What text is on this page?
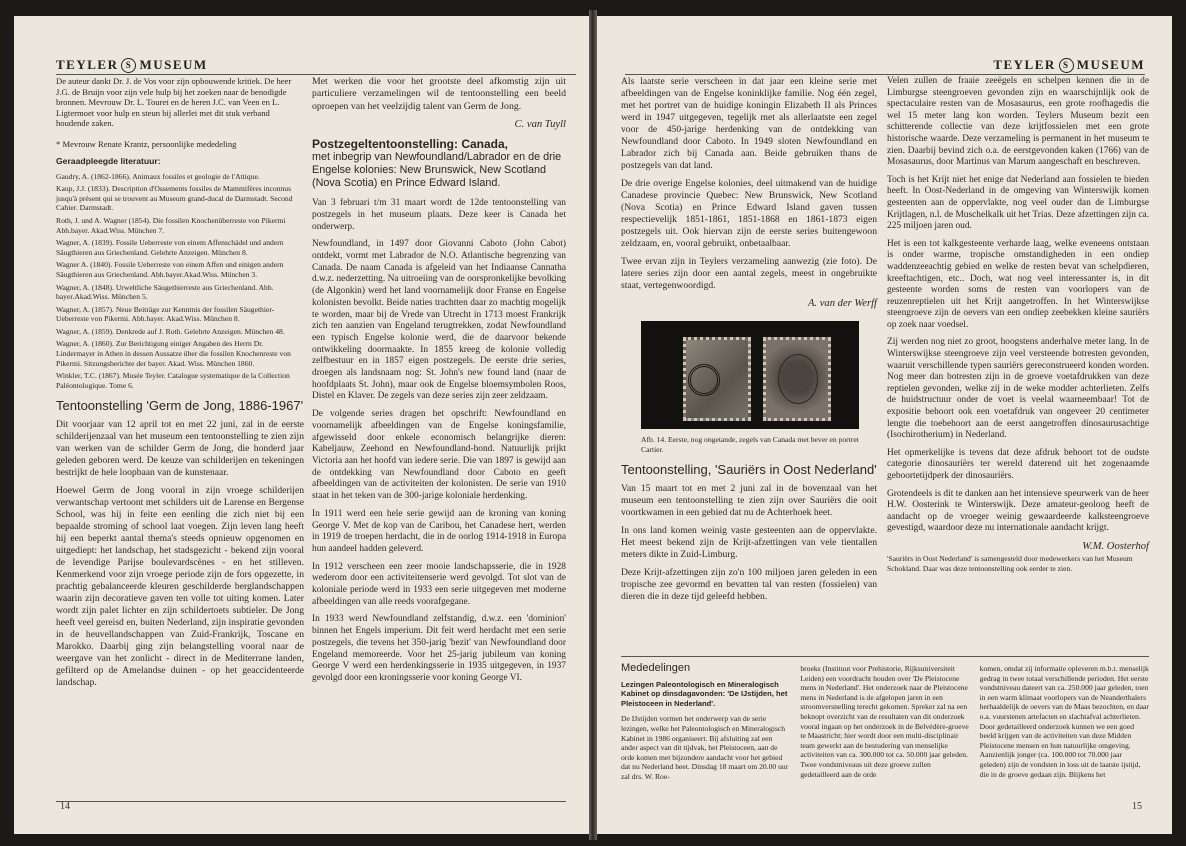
TEYLER S MUSEUM

De auteur dankt Dr. J. de Vos voor zijn opbouwende kritiek. De heer J.G. de Bruijn voor zijn vele hulp bij het zoeken naar de benodigde bronnen. Mevrouw Dr. L. Touret en de heren J.C. van Veen en L. Ligtermoet voor hulp en steun bij allerlei met dit stuk verband houdende zaken.

* Mevrouw Renate Krantz, persoonlijke mededeling

Geraadpleegde literatuur:

Gaudry, A. (1862-1866). Animaux fossiles et geologie de l'Attique.

Kaup, J.J. (1833). Description d'Ossements fossiles de Mammifères inconnus jusqu'à présent qui se trouvent au Museum grand-ducal de Darmstadt. Second Cahier. Darmstadt.

Roth, J. und A. Wagner (1854). Die fossilen Knochenüberreste von Pikermi Abh.bayer. Akad.Wiss. München 7.

Wagner, A. (1839). Fossile Ueberreste von einem Affenschädel und andern Säugthieren aus Griechenland. Gelehrte Anzeigen. München 8.

Wagner A. (1840). Fossile Ueberreste von einem Affen und einigen andern Säugthieren aus Griechenland. Abh.bayer.Akad.Wiss. München 3.

Wagner, A. (1848). Urweltliche Säugethierreste aus Griechenland. Abh. bayer.Akad.Wiss. München 5.

Wagner, A. (1857). Neue Beiträge zur Kenntnis der fossilen Säugethier-Ueberreste von Pikermi. Abh.bayer. Akad.Wiss. München 8.

Wagner, A. (1859). Denkrede auf J. Roth. Gelehrte Anzeigen. München 48.

Wagner, A. (1860). Zur Berichtigung einiger Angaben des Herrn Dr. Lindermayer in Athen in dessen Aussatze über die fossilen Knochenreste von Pikermi. Sitzungsberichte der bayer. Akad. Wiss. München 1860.

Winkler, T.C. (1867). Musée Teyler. Catalogue systematique de la Collection Paléontologique. Tome 6.

Tentoonstelling 'Germ de Jong, 1886-1967'

Dit voorjaar van 12 april tot en met 22 juni, zal in de eerste schilderijenzaal van het museum een tentoonstelling te zien zijn van werken van de schilder Germ de Jong, die honderd jaar geleden geboren werd. De keuze van schilderijen en tekeningen bestrijkt de hele loopbaan van de kunstenaar.

Hoewel Germ de Jong vooral in zijn vroege schilderijen verwantschap vertoont met schilders uit de Larense en Bergense School, was hij in feite een eenling die zich niet bij een bepaalde stroming of school laat voegen. Zijn leven lang heeft hij een beperkt aantal thema's steeds opnieuw opgenomen en uitgediept: het landschap, het stadsgezicht - bekend zijn vooral de levendige Parijse boulevardscènes - en het stilleven. Kenmerkend voor zijn vroege periode zijn de fors opgezette, in prachtig gebalanceerde kleuren geschilderde berglandschappen waarin zijn decoratieve gaven ten volle tot uiting komen. Later wordt zijn palet lichter en zijn schildertoets subtieler. De Jong heeft veel gereisd en, buiten Nederland, zijn inspiratie gevonden in de heuvellandschappen van Zuid-Frankrijk, Toscane en Marokko. Daarbij ging zijn belangstelling vooral naar de weergave van het zonlicht - direct in de Mediterrane landen, gefilterd op de Amelandse duinen - op het geaccidenteerde landschap.

Met werken die voor het grootste deel afkomstig zijn uit particuliere verzamelingen wil de tentoonstelling een beeld oproepen van het veelzijdig talent van Germ de Jong.

C. van Tuyll
Postzegeltentoonstelling: Canada,
met inbegrip van Newfoundland/Labrador en de drie Engelse kolonies: New Brunswick, New Scotland (Nova Scotia) en Prince Edward Island.

Van 3 februari t/m 31 maart wordt de 12de tentoonstelling van postzegels in het museum plaats. Deze keer is Canada het onderwerp.

Newfoundland, in 1497 door Giovanni Caboto (John Cabot) ontdekt, vormt met Labrador de N.O. Atlantische begrenzing van Canada. De naam Canada is afgeleid van het Indiaanse Cannatha d.w.z. nederzetting. Na uitroeiing van de oorspronkelijke bevolking (de Algonkin) werd het land voornamelijk door Franse en Engelse kolonisten bevolkt. Beide naties trachtten daar zo machtig mogelijk te worden, maar bij de Vrede van Utrecht in 1713 moest Frankrijk zich ten aanzien van Engeland terugtrekken, zodat Newfoundland een typisch Engelse kolonie werd, die de daarvoor bekende ontwikkeling doormaakte. In 1855 kreeg de kolonie volledig zelfbestuur en in 1857 eigen postzegels. De eerste drie series, droegen als landsnaam nog: St. John's new found land (naar de hoofdplaats St. John), maar ook de Engelse bloemsymbolen Roos, Distel en Klaver. De zegels van deze series zijn zeer zeldzaam.

De volgende series dragen het opschrift: Newfoundland en voornamelijk afbeeldingen van de Engelse koningsfamilie, afgewisseld door enkele economisch belangrijke dieren: Kabeljauw, Zeehond en Newfoundland-hond. Natuurlijk prijkt Victoria aan het hoofd van iedere serie. Die van 1897 is gewijd aan de ontdekking van Newfoundland door Caboto en geeft afbeeldingen van de activiteiten der kolonisten. De serie van 1910 staat in het teken van de 300-jarige koloniale herdenking.

In 1911 werd een hele serie gewijd aan de kroning van koning George V. Met de kop van de Caribou, het Canadese hert, werden in 1919 de troepen herdacht, die in de oorlog 1914-1918 in Europa hun aandeel hadden geleverd.

In 1912 verscheen een zeer mooie landschapsserie, die in 1928 wederom door een activiteitenserie werd gevolgd. Tot slot van de koloniale periode werd in 1933 een serie uitgegeven met moderne afbeeldingen van alle reeds voorafgegane.

In 1933 werd Newfoundland zelfstandig, d.w.z. een 'dominion' binnen het Engels imperium. Dit feit werd herdacht met een serie postzegels, die tevens het 350-jarig 'bezit' van Newfoundland door Engeland memoreerde. Voor het 25-jarig jubileum van koning George V werd een herdenkingsserie in 1935 uitgegeven, in 1937 gevolgd door een kroningsserie voor koning George VI.

14
TEYLER S MUSEUM

Als laatste serie verscheen in dat jaar een kleine serie met afbeeldingen van de Engelse koninklijke familie. Nog één zegel, met het portret van de huidige koningin Elizabeth II als Princes werd in 1947 uitgegeven, tegelijk met als allerlaatste een zegel voor de 450-jarige herdenking van de ontdekking van Newfoundland door Caboto. In 1949 sloten Newfoundland en Labrador zich bij Canada aan. Beide gebruiken thans de postzegels van dat land.

De drie overige Engelse kolonies, deel uitmakend van de huidige Canadese provincie Quebec: New Brunswick, New Scotland (Nova Scotia) en Prince Edward Island gaven tussen respectievelijk 1851-1861, 1851-1868 en 1861-1873 eigen postzegels uit. Ook hiervan zijn de eerste series buitengewoon zeldzaam, en, vooral gebruikt, onbetaalbaar.

Twee ervan zijn in Teylers verzameling aanwezig (zie foto). De latere series zijn door een aantal zegels, meest in ongebruikte staat, vertegenwoordigd.

A. van der Werff

Afb. 14. Eerste, nog ongetande, zegels van Canada met bever en portret Cartier.

Tentoonstelling, 'Sauriërs in Oost Nederland'

Van 15 maart tot en met 2 juni zal in de bovenzaal van het museum een tentoonstelling te zien zijn over Sauriërs die ooit voortkwamen in een gebied dat nu de Achterhoek heet.

In ons land komen weinig vaste gesteenten aan de oppervlakte. Het meest bekend zijn de Krijt-afzettingen van vele tientallen meters dikte in Zuid-Limburg.

Deze Krijt-afzettingen zijn zo'n 100 miljoen jaren geleden in een tropische zee gevormd en bevatten tal van resten (fossielen) van dieren die in deze tijd geleefd hebben.

Velen zullen de fraaie zeeëgels en schelpen kennen die in de Limburgse steengroeven gevonden zijn en waarschijnlijk ook de spectaculaire resten van de Mosasaurus, een grote roofhagedis die wel 15 meter lang kon worden. Teylers Museum bezit een schitterende collectie van deze krijtfossielen met een grote historische waarde. Deze verzameling is permanent in het museum te zien. Daarbij bevind zich o.a. de eerstgevonden kaken (1766) van de Mosasaurus, door Martinus van Marum aangeschaft en beschreven.

Toch is het Krijt niet het enige dat Nederland aan fossielen te bieden heeft. In Oost-Nederland in de omgeving van Winterswijk komen gesteenten aan de oppervlakte, nog veel ouder dan de Limburgse Krijtlagen, n.l. de Muschelkalk uit het Trias. Deze afzettingen zijn ca. 225 miljoen jaren oud.

Het is een tot kalkgesteente verharde laag, welke eveneens ontstaan is onder warme, tropische omstandigheden in een ondiep waddenzeeachtig gebied en welke de resten bevat van schelpdieren, kreeftachtigen, etc.. Doch, wat nog veel interessanter is, in dit gesteente worden soms de resten van voorlopers van de reuzenreptielen uit het Krijt aangetroffen. In het Winterswijkse steengroeve zijn de oevers van een ondiep zeebekken kleine sauriërs op zoek naar voedsel.

Zij werden nog niet zo groot, hoogstens anderhalve meter lang. In de Winterswijkse steengroeve zijn veel versteende botresten gevonden, waaruit verschillende typen sauriërs gereconstrueerd konden worden. Nog meer dan botresten zijn in de groeve voetafdrukken van deze reptielen gevonden, welke zij in de weke modder achterlieten. Zelfs de huidstructuur onder de voet is veelal waarneembaar! Tot de expositie behoort ook een voetafdruk van ongeveer 20 centimeter lengte die toebehoort aan de eerst aangetroffen dinosaurusachtige (Isochirotherium) in Nederland.

Het opmerkelijke is tevens dat deze afdruk behoort tot de oudste categorie dinosauriërs ter wereld daterend uit het zogenaamde geboortetijdperk der dinosauriërs.

Grotendeels is dit te danken aan het intensieve speurwerk van de heer H.W. Oosterink te Winterswijk. Deze amateur-geoloog heeft de aandacht op de vroeger weinig gewaardeerde kalksteengroeve gevestigd, waardoor deze nu internationale aandacht krijgt.

W.M. Oosterhof

'Sauriërs in Oost Nederland' is samengesteld door medewerkers van het Museum Schokland. Daar was deze tentoonstelling ook eerder te zien.

Mededelingen

Lezingen Paleontologisch en Mineralogisch Kabinet op dinsdagavonden: 'De IJstijden, het Pleistoceen in Nederland'.

De IJstijden vormen het onderwerp van de serie lezingen, welke het Paleontologisch en Mineralogisch Kabinet in 1986 organiseert. Bij afsluiting zal een ander aspect van dit tijdvak, het Pleistoceen, aan de orde komen met bijzondere aandacht voor het gebied dat nu Nederland heet. Dinsdag 18 maart om 20.00 uur zal drs. W. Roe-

broeks (Instituut voor Prehistorie, Rijksuniversiteit Leiden) een voordracht houden over 'De Pleistocene mens in Nederland'. Het onderzoek naar de Pleistocene mens in Nederland is de afgelopen jaren in een stroomversnelling terecht gekomen. Spreker zal na een beknopt overzicht van de resultaten van dit onderzoek vooral ingaan op het onderzoek in de Belvédère-groeve te Maastricht; hier wordt door een multi-disciplinair team gewerkt aan de bestudering van menselijke activiteiten van ca. 300.000 tot ca. 50.000 jaar geleden. Twee vondstniveaus uit deze groeve zullen gedetailleerd aan de orde

komen, omdat zij informatie opleveren m.b.t. menselijk gedrag in twee totaal verschillende perioden. Het eerste vondstniveau dateert van ca. 250.000 jaar geleden, toen in een warm klimaat voorlopers van de Neanderthalers herhaaldelijk de oevers van de Maas bezochten, en daar o.a. vuurstenen artefacten en slachtafval achterlieten. Door gedetailleerd onderzoek kunnen we een goed beeld krijgen van de activiteiten van deze Midden Pleistocene mensen en hun natuurlijke omgeving. Aanzienlijk jonger (ca. 100.000 tot 70.000 jaar geleden) zijn de vondsten in loss uit de laatste ijstijd, die in de groeve gedaan zijn. Blijkens het

15
